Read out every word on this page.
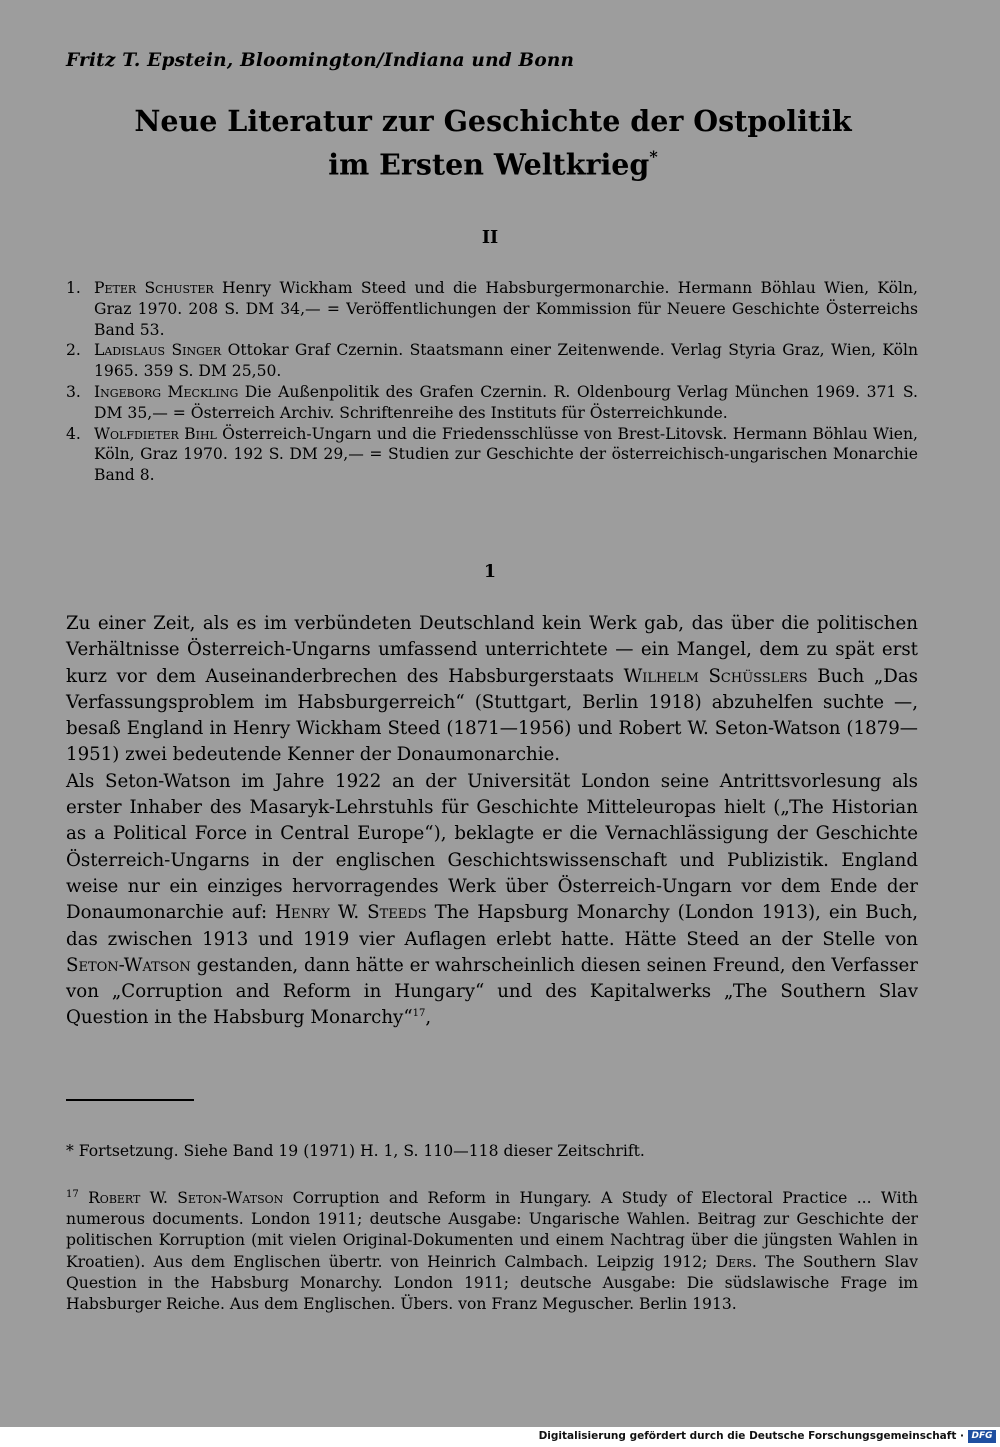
Fritz T. Epstein, Bloomington/Indiana und Bonn
Neue Literatur zur Geschichte der Ostpolitik
im Ersten Weltkrieg*
II
1. Peter Schuster Henry Wickham Steed und die Habsburgermonarchie. Hermann Böhlau Wien, Köln, Graz 1970. 208 S. DM 34,— = Veröffentlichungen der Kommission für Neuere Geschichte Österreichs Band 53.
2. Ladislaus Singer Ottokar Graf Czernin. Staatsmann einer Zeitenwende. Verlag Styria Graz, Wien, Köln 1965. 359 S. DM 25,50.
3. Ingeborg Meckling Die Außenpolitik des Grafen Czernin. R. Oldenbourg Verlag München 1969. 371 S. DM 35,— = Österreich Archiv. Schriftenreihe des Instituts für Österreichkunde.
4. Wolfdieter Bihl Österreich-Ungarn und die Friedensschlüsse von Brest-Litovsk. Hermann Böhlau Wien, Köln, Graz 1970. 192 S. DM 29,— = Studien zur Geschichte der österreichisch-ungarischen Monarchie Band 8.
1

Zu einer Zeit, als es im verbündeten Deutschland kein Werk gab, das über die politischen Verhältnisse Österreich-Ungarns umfassend unterrichtete — ein Mangel, dem zu spät erst kurz vor dem Auseinanderbrechen des Habsburgerstaats Wilhelm Schüsslers Buch „Das Verfassungsproblem im Habsburgerreich“ (Stuttgart, Berlin 1918) abzuhelfen suchte —, besaß England in Henry Wickham Steed (1871—1956) und Robert W. Seton-Watson (1879—1951) zwei bedeutende Kenner der Donaumonarchie.

Als Seton-Watson im Jahre 1922 an der Universität London seine Antrittsvorlesung als erster Inhaber des Masaryk-Lehrstuhls für Geschichte Mitteleuropas hielt („The Historian as a Political Force in Central Europe“), beklagte er die Vernachlässigung der Geschichte Österreich-Ungarns in der englischen Geschichtswissenschaft und Publizistik. England weise nur ein einziges hervorragendes Werk über Österreich-Ungarn vor dem Ende der Donaumonarchie auf: Henry W. Steeds The Hapsburg Monarchy (London 1913), ein Buch, das zwischen 1913 und 1919 vier Auflagen erlebt hatte. Hätte Steed an der Stelle von Seton-Watson gestanden, dann hätte er wahrscheinlich diesen seinen Freund, den Verfasser von „Corruption and Reform in Hungary“ und des Kapitalwerks „The Southern Slav Question in the Habsburg Monarchy“$^{17}$,

* Fortsetzung. Siehe Band 19 (1971) H. 1, S. 110—118 dieser Zeitschrift.
$^{17}$ Robert W. Seton-Watson Corruption and Reform in Hungary. A Study of Electoral Practice ... With numerous documents. London 1911; deutsche Ausgabe: Ungarische Wahlen. Beitrag zur Geschichte der politischen Korruption (mit vielen Original-Dokumenten und einem Nachtrag über die jüngsten Wahlen in Kroatien). Aus dem Englischen übertr. von Heinrich Calmbach. Leipzig 1912; Ders. The Southern Slav Question in the Habsburg Monarchy. London 1911; deutsche Ausgabe: Die südslawische Frage im Habsburger Reiche. Aus dem Englischen. Übers. von Franz Meguscher. Berlin 1913.
Digitalisierung gefördert durch die Deutsche Forschungsgemeinschaft · DFG
